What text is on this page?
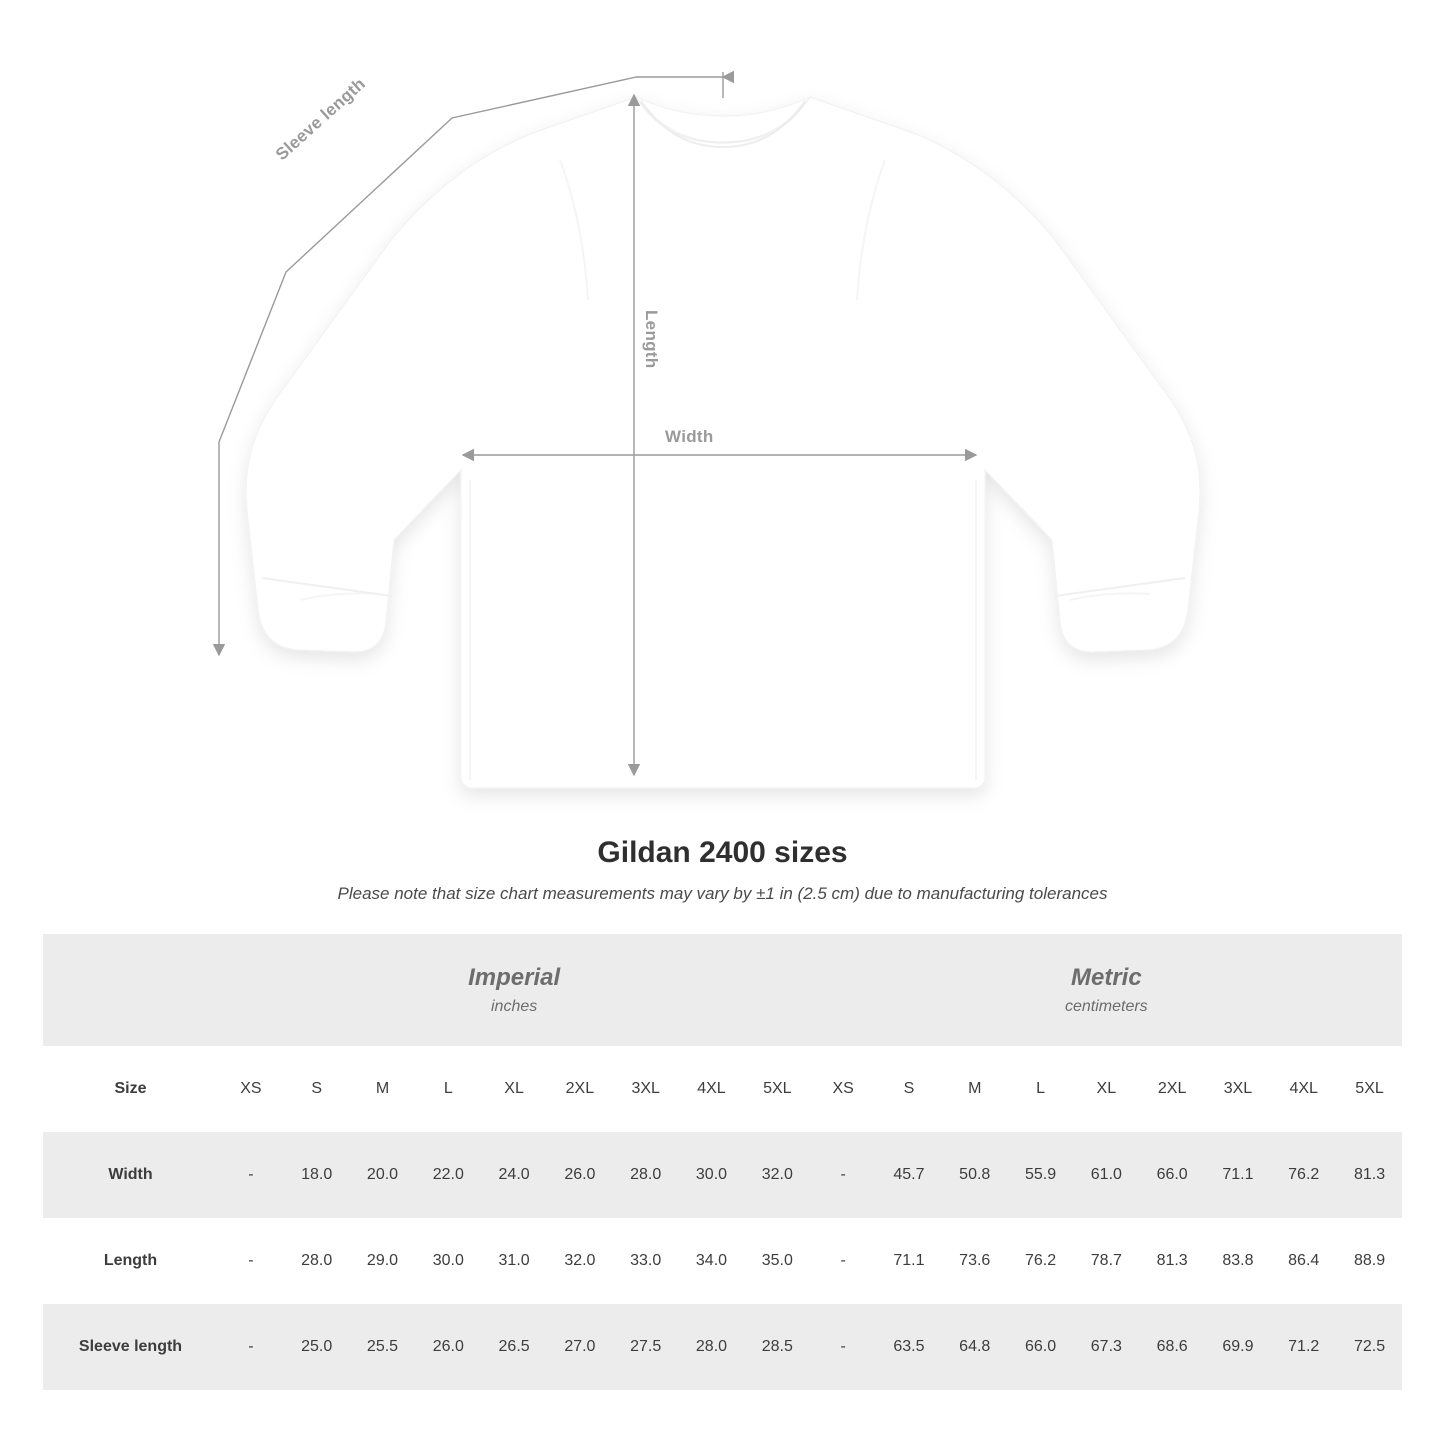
Sleeve length
Length
Width
Gildan 2400 sizes

Please note that size chart measurements may vary by ±1 in (2.5 cm) due to manufacturing tolerances

Imperial
inches

Metric
centimeters

Size	XS	S	M	L	XL	2XL	3XL	4XL	5XL	XS	S	M	L	XL	2XL	3XL	4XL	5XL
Width	-	18.0	20.0	22.0	24.0	26.0	28.0	30.0	32.0	-	45.7	50.8	55.9	61.0	66.0	71.1	76.2	81.3
Length	-	28.0	29.0	30.0	31.0	32.0	33.0	34.0	35.0	-	71.1	73.6	76.2	78.7	81.3	83.8	86.4	88.9
Sleeve length	-	25.0	25.5	26.0	26.5	27.0	27.5	28.0	28.5	-	63.5	64.8	66.0	67.3	68.6	69.9	71.2	72.5
